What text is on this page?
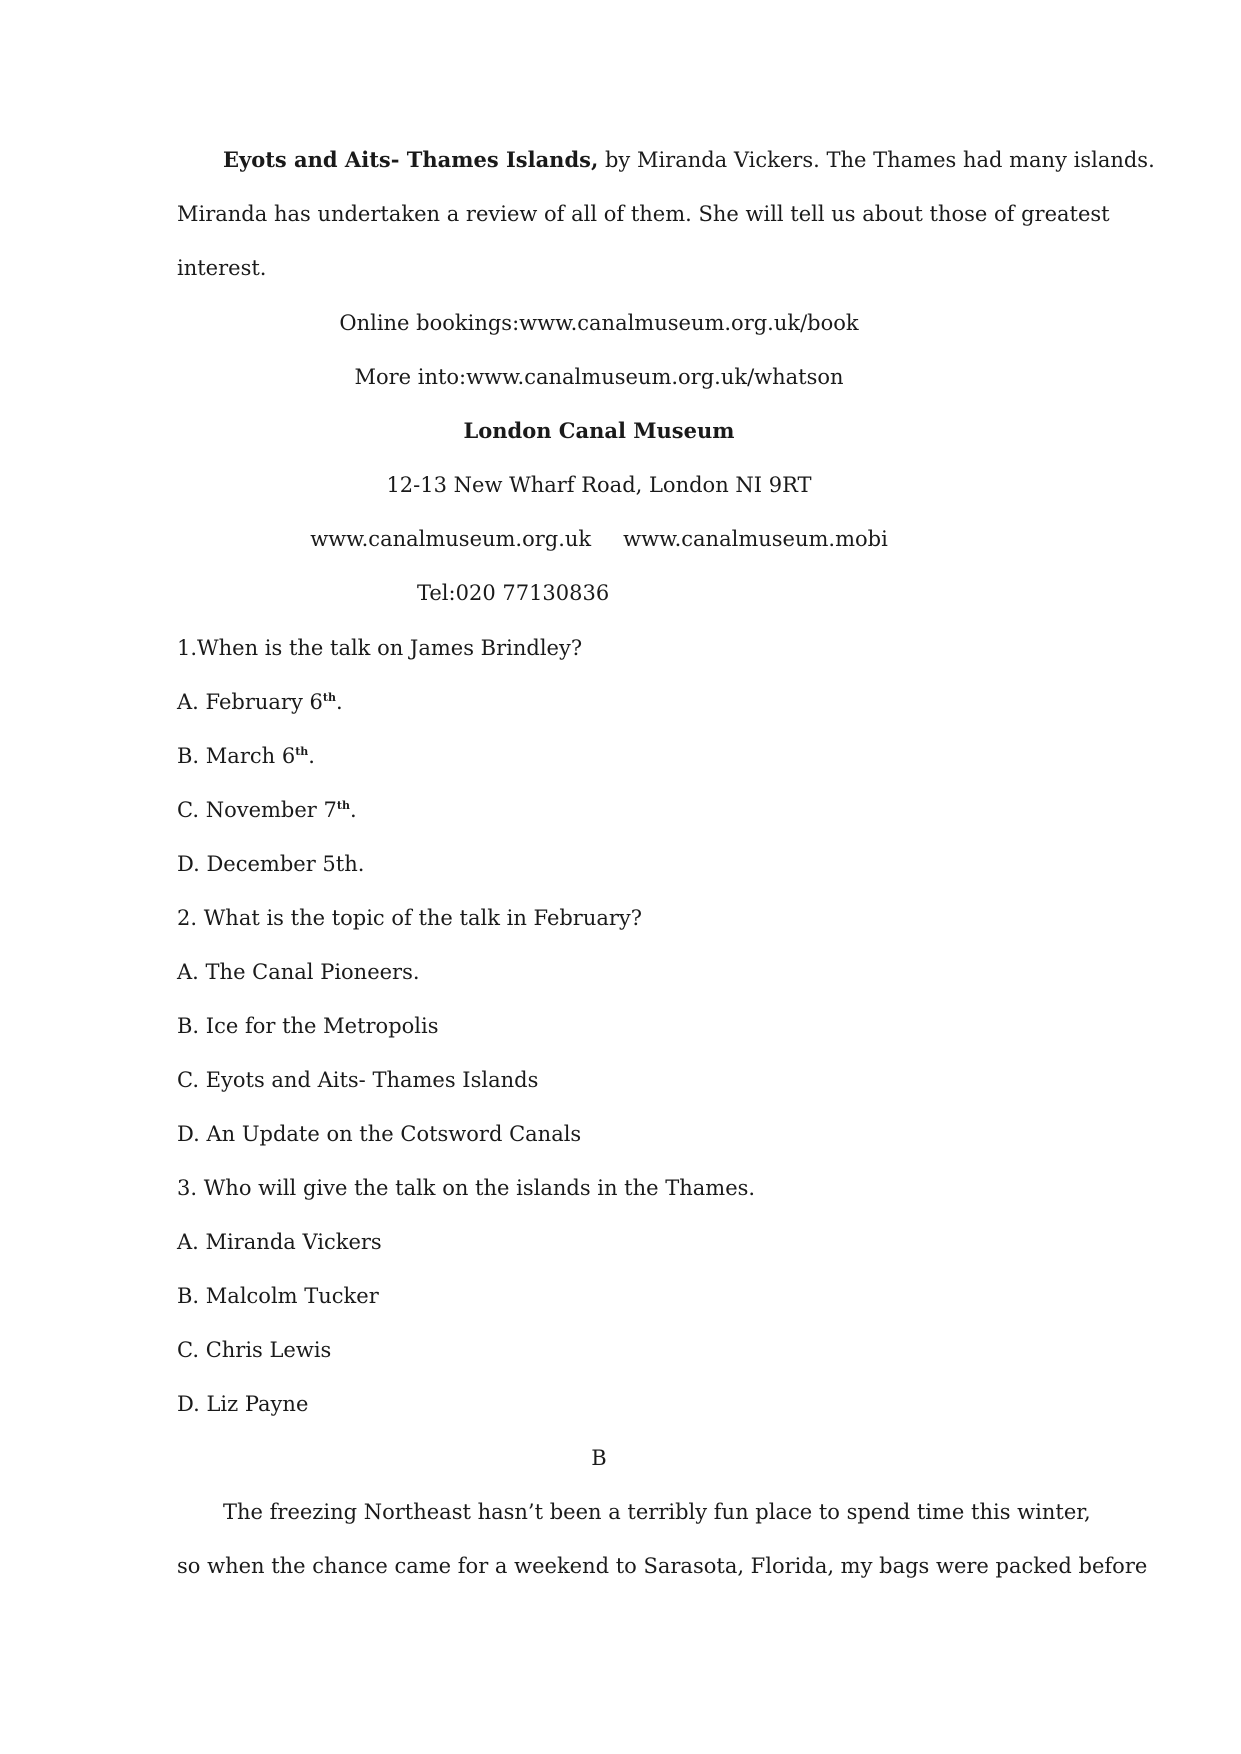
Eyots and Aits- Thames Islands, by Miranda Vickers. The Thames had many islands.
Miranda has undertaken a review of all of them. She will tell us about those of greatest
interest.
Online bookings:www.canalmuseum.org.uk/book
More into:www.canalmuseum.org.uk/whatson
London Canal Museum
12-13 New Wharf Road, London NI 9RT
www.canalmuseum.org.uk www.canalmuseum.mobi
Tel:020 77130836
1.When is the talk on James Brindley?
A. February 6th.
B. March 6th.
C. November 7th.
D. December 5th.
2. What is the topic of the talk in February?
A. The Canal Pioneers.
B. Ice for the Metropolis
C. Eyots and Aits- Thames Islands
D. An Update on the Cotsword Canals
3. Who will give the talk on the islands in the Thames.
A. Miranda Vickers
B. Malcolm Tucker
C. Chris Lewis
D. Liz Payne
B
The freezing Northeast hasn’t been a terribly fun place to spend time this winter,
so when the chance came for a weekend to Sarasota, Florida, my bags were packed before
